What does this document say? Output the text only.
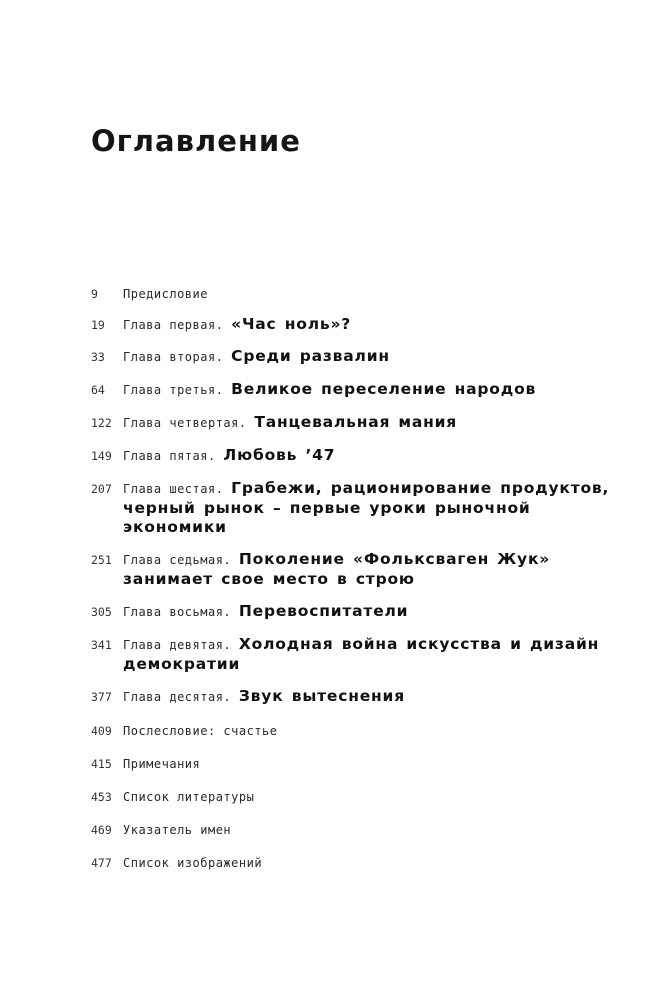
Оглавление
9	Предисловие
19	Глава первая. «Час ноль»?
33	Глава вторая. Среди развалин
64	Глава третья. Великое переселение народов
122 Глава четвертая. Танцевальная мания
149 Глава пятая. Любовь ’47
207 Глава шестая. Грабежи, рационирование продуктов, черный рынок – первые уроки рыночной экономики
251 Глава седьмая. Поколение «Фольксваген Жук» занимает свое место в строю
305 Глава восьмая. Перевоспитатели
341 Глава девятая. Холодная война искусства и дизайн демократии
377 Глава десятая. Звук вытеснения
409 Послесловие: счастье
415 Примечания
453 Список литературы
469 Указатель имен
477 Список изображений
